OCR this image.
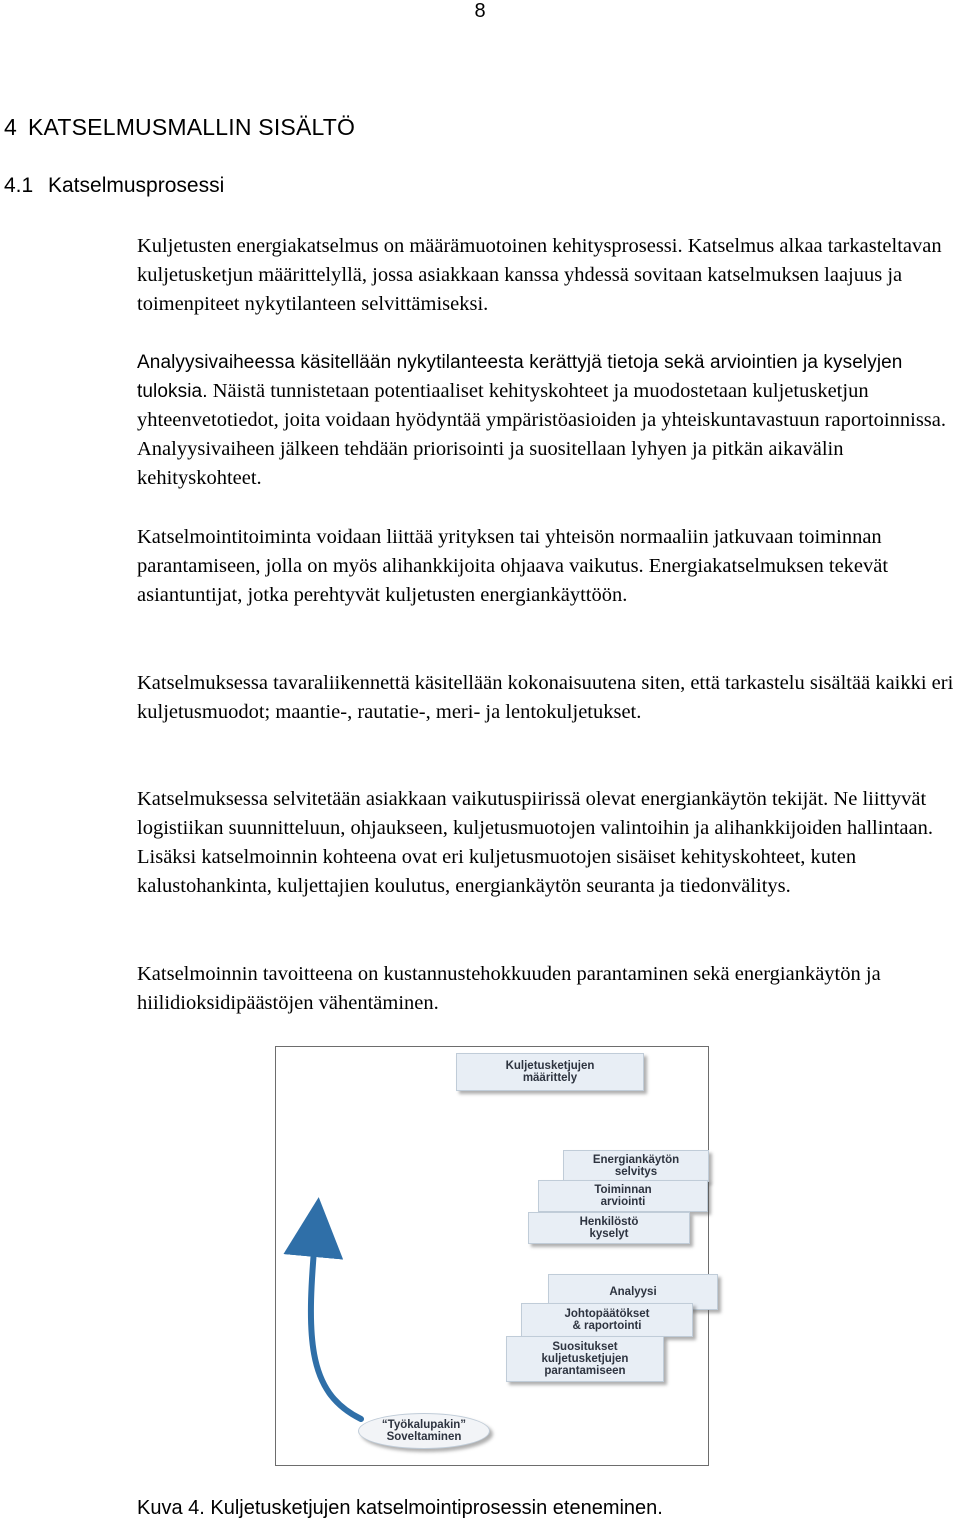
8
4 KATSELMUSMALLIN SISÄLTÖ
4.1 Katselmusprosessi

Kuljetusten energiakatselmus on määrämuotoinen kehitysprosessi. Katselmus alkaa tarkasteltavan kuljetusketjun määrittelyllä, jossa asiakkaan kanssa yhdessä sovitaan katselmuksen laajuus ja toimenpiteet nykytilanteen selvittämiseksi.

Analyysivaiheessa käsitellään nykytilanteesta kerättyjä tietoja sekä arviointien ja kyselyjen tuloksia. Näistä tunnistetaan potentiaaliset kehityskohteet ja muodostetaan kuljetusketjun yhteenvetotiedot, joita voidaan hyödyntää ympäristöasioiden ja yhteiskuntavastuun raportoinnissa. Analyysivaiheen jälkeen tehdään priorisointi ja suositellaan lyhyen ja pitkän aikavälin kehityskohteet.

Katselmointitoiminta voidaan liittää yrityksen tai yhteisön normaaliin jatkuvaan toiminnan parantamiseen, jolla on myös alihankkijoita ohjaava vaikutus. Energiakatselmuksen tekevät asiantuntijat, jotka perehtyvät kuljetusten energiankäyttöön.

Katselmuksessa tavaraliikennettä käsitellään kokonaisuutena siten, että tarkastelu sisältää kaikki eri kuljetusmuodot; maantie-, rautatie-, meri- ja lentokuljetukset.

Katselmuksessa selvitetään asiakkaan vaikutuspiirissä olevat energiankäytön tekijät. Ne liittyvät logistiikan suunnitteluun, ohjaukseen, kuljetusmuotojen valintoihin ja alihankkijoiden hallintaan. Lisäksi katselmoinnin kohteena ovat eri kuljetusmuotojen sisäiset kehityskohteet, kuten kalustohankinta, kuljettajien koulutus, energiankäytön seuranta ja tiedonvälitys.

Katselmoinnin tavoitteena on kustannustehokkuuden parantaminen sekä energiankäytön ja hiilidioksidipäästöjen vähentäminen.

Kuljetusketjujen
määrittely
Energiankäytön
selvitys
Toiminnan
arviointi
Henkilöstö
kyselyt
Analyysi
Johtopäätökset
& raportointi
Suositukset
kuljetusketjujen
parantamiseen
“Työkalupakin”
Soveltaminen

Kuva 4. Kuljetusketjujen katselmointiprosessin eteneminen.
